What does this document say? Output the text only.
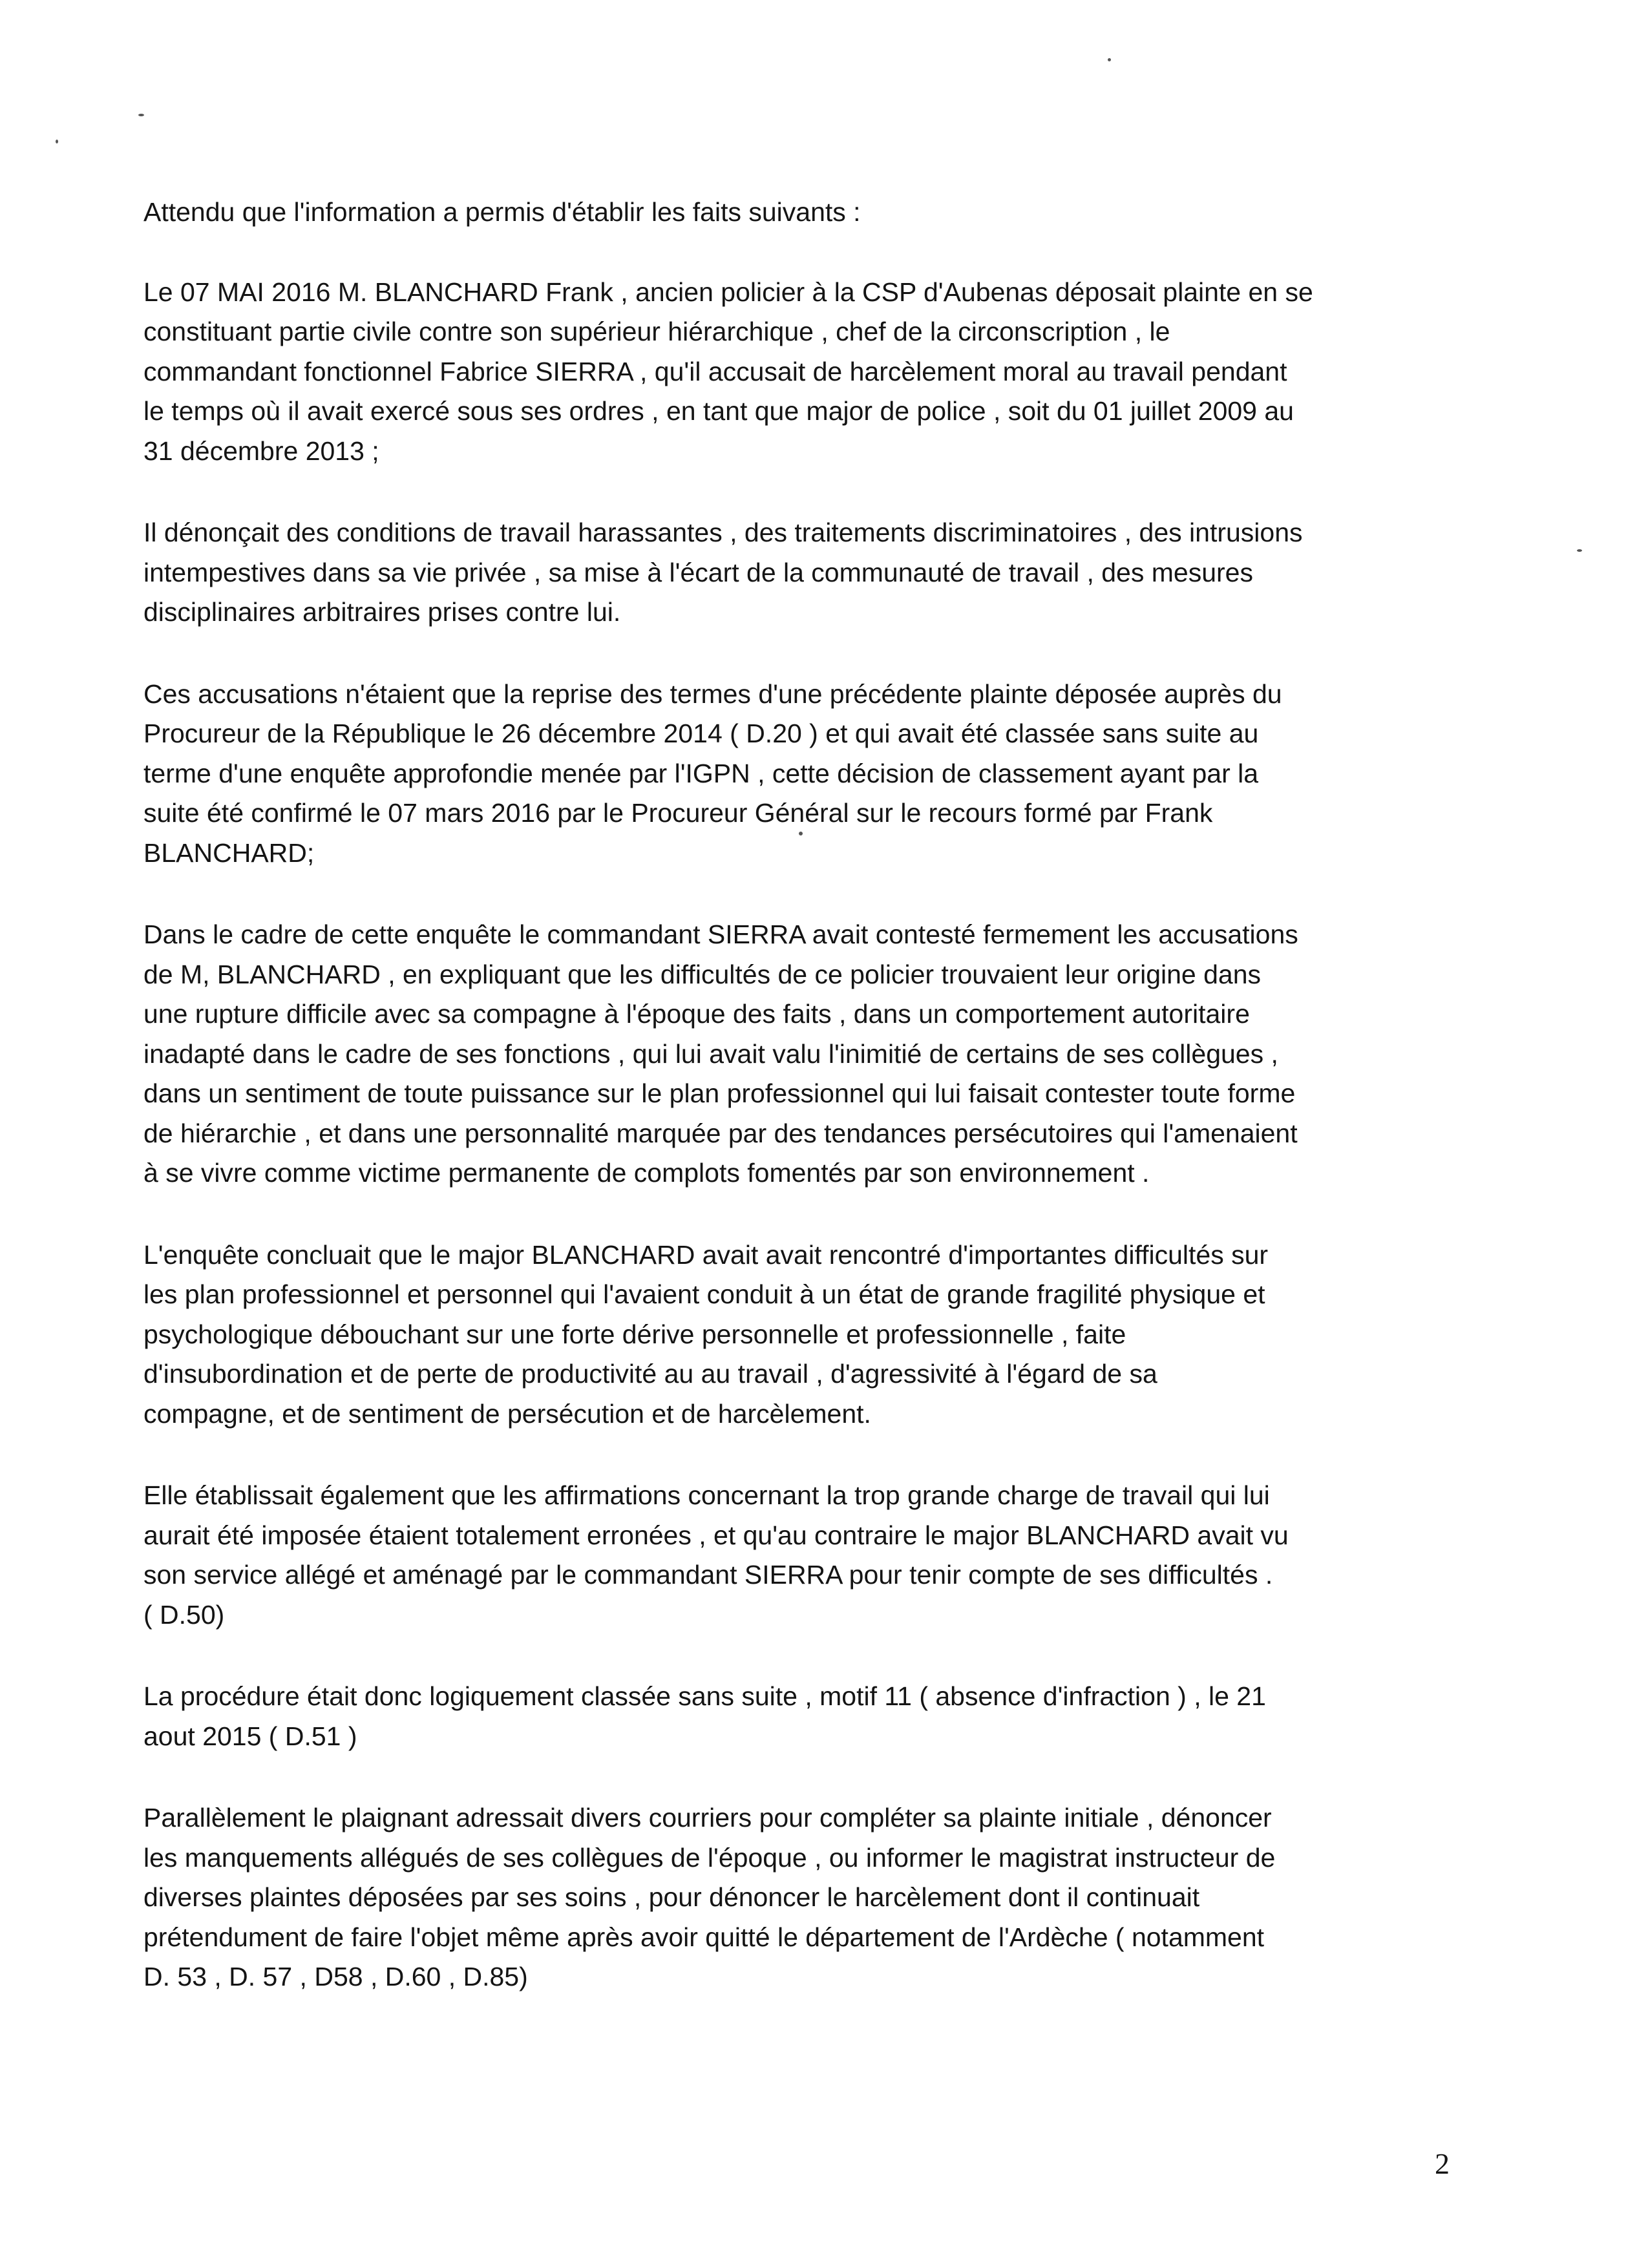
Attendu que l'information a permis d'établir les faits suivants :

Le 07 MAI 2016 M. BLANCHARD Frank , ancien policier à la CSP d'Aubenas déposait plainte en se
constituant partie civile contre son supérieur hiérarchique , chef de la circonscription , le
commandant fonctionnel Fabrice SIERRA , qu'il accusait de harcèlement moral au travail pendant
le temps où il avait exercé sous ses ordres , en tant que major de police , soit du 01 juillet 2009 au
31 décembre 2013 ;

Il dénonçait des conditions de travail harassantes , des traitements discriminatoires , des intrusions
intempestives dans sa vie privée , sa mise à l'écart de la communauté de travail , des mesures
disciplinaires arbitraires prises contre lui.

Ces accusations n'étaient que la reprise des termes d'une précédente plainte déposée auprès du
Procureur de la République le 26 décembre 2014 ( D.20 ) et qui avait été classée sans suite au
terme d'une enquête approfondie menée par l'IGPN , cette décision de classement ayant par la
suite été confirmé le 07 mars 2016 par le Procureur Général sur le recours formé par Frank
BLANCHARD;

Dans le cadre de cette enquête le commandant SIERRA avait contesté fermement les accusations
de M, BLANCHARD , en expliquant que les difficultés de ce policier trouvaient leur origine dans
une rupture difficile avec sa compagne à l'époque des faits , dans un comportement autoritaire
inadapté dans le cadre de ses fonctions , qui lui avait valu l'inimitié de certains de ses collègues ,
dans un sentiment de toute puissance sur le plan professionnel qui lui faisait contester toute forme
de hiérarchie , et dans une personnalité marquée par des tendances persécutoires qui l'amenaient
à se vivre comme victime permanente de complots fomentés par son environnement .

L'enquête concluait que le major BLANCHARD avait avait rencontré d'importantes difficultés sur
les plan professionnel et personnel qui l'avaient conduit à un état de grande fragilité physique et
psychologique débouchant sur une forte dérive personnelle et professionnelle , faite
d'insubordination et de perte de productivité au au travail , d'agressivité à l'égard de sa
compagne, et de sentiment de persécution et de harcèlement.

Elle établissait également que les affirmations concernant la trop grande charge de travail qui lui
aurait été imposée étaient totalement erronées , et qu'au contraire le major BLANCHARD avait vu
son service allégé et aménagé par le commandant SIERRA pour tenir compte de ses difficultés .
( D.50)

La procédure était donc logiquement classée sans suite , motif 11 ( absence d'infraction ) , le 21
aout 2015 ( D.51 )

Parallèlement le plaignant adressait divers courriers pour compléter sa plainte initiale , dénoncer
les manquements allégués de ses collègues de l'époque , ou informer le magistrat instructeur de
diverses plaintes déposées par ses soins , pour dénoncer le harcèlement dont il continuait
prétendument de faire l'objet même après avoir quitté le département de l'Ardèche ( notamment
D. 53 , D. 57 , D58 , D.60 , D.85)

2
